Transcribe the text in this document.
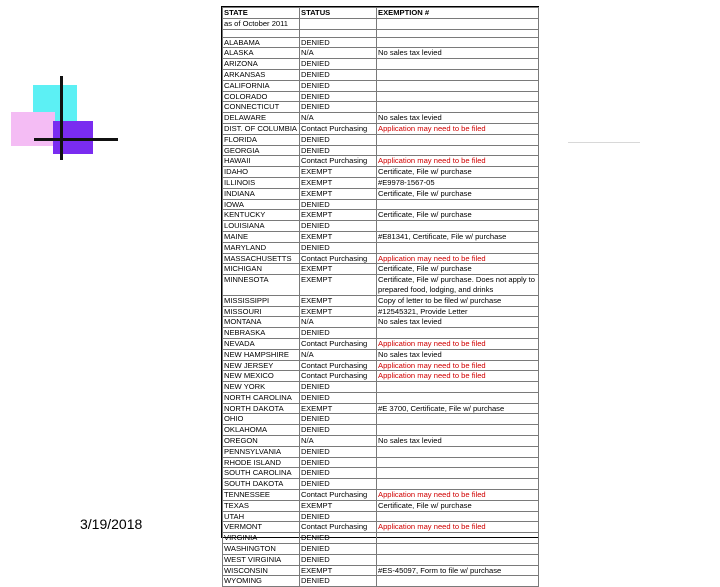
3/19/2018
STATE	STATUS	EXEMPTION #
as of October 2011		

ALABAMA	DENIED	
ALASKA	N/A	No sales tax levied
ARIZONA	DENIED	
ARKANSAS	DENIED	
CALIFORNIA	DENIED	
COLORADO	DENIED	
CONNECTICUT	DENIED	
DELAWARE	N/A	No sales tax levied
DIST. OF COLUMBIA	Contact Purchasing	Application may need to be filed
FLORIDA	DENIED	
GEORGIA	DENIED	
HAWAII	Contact Purchasing	Application may need to be filed
IDAHO	EXEMPT	Certificate, File w/ purchase
ILLINOIS	EXEMPT	#E9978-1567-05
INDIANA	EXEMPT	Certificate, File w/ purchase
IOWA	DENIED	
KENTUCKY	EXEMPT	Certificate, File w/ purchase
LOUISIANA	DENIED	
MAINE	EXEMPT	#E81341, Certificate, File w/ purchase
MARYLAND	DENIED	
MASSACHUSETTS	Contact Purchasing	Application may need to be filed
MICHIGAN	EXEMPT	Certificate, File w/ purchase
MINNESOTA	EXEMPT	Certificate, File w/ purchase. Does not apply to prepared food, lodging, and drinks
MISSISSIPPI	EXEMPT	Copy of letter to be filed w/ purchase
MISSOURI	EXEMPT	#12545321, Provide Letter
MONTANA	N/A	No sales tax levied
NEBRASKA	DENIED	
NEVADA	Contact Purchasing	Application may need to be filed
NEW HAMPSHIRE	N/A	No sales tax levied
NEW JERSEY	Contact Purchasing	Application may need to be filed
NEW MEXICO	Contact Purchasing	Application may need to be filed
NEW YORK	DENIED	
NORTH CAROLINA	DENIED	
NORTH DAKOTA	EXEMPT	#E 3700, Certificate, File w/ purchase
OHIO	DENIED	
OKLAHOMA	DENIED	
OREGON	N/A	No sales tax levied
PENNSYLVANIA	DENIED	
RHODE ISLAND	DENIED	
SOUTH CAROLINA	DENIED	
SOUTH DAKOTA	DENIED	
TENNESSEE	Contact Purchasing	Application may need to be filed
TEXAS	EXEMPT	Certificate, File w/ purchase
UTAH	DENIED	
VERMONT	Contact Purchasing	Application may need to be filed
VIRGINIA	DENIED	
WASHINGTON	DENIED	
WEST VIRGINIA	DENIED	
WISCONSIN	EXEMPT	#ES-45097, Form to file w/ purchase
WYOMING	DENIED	
